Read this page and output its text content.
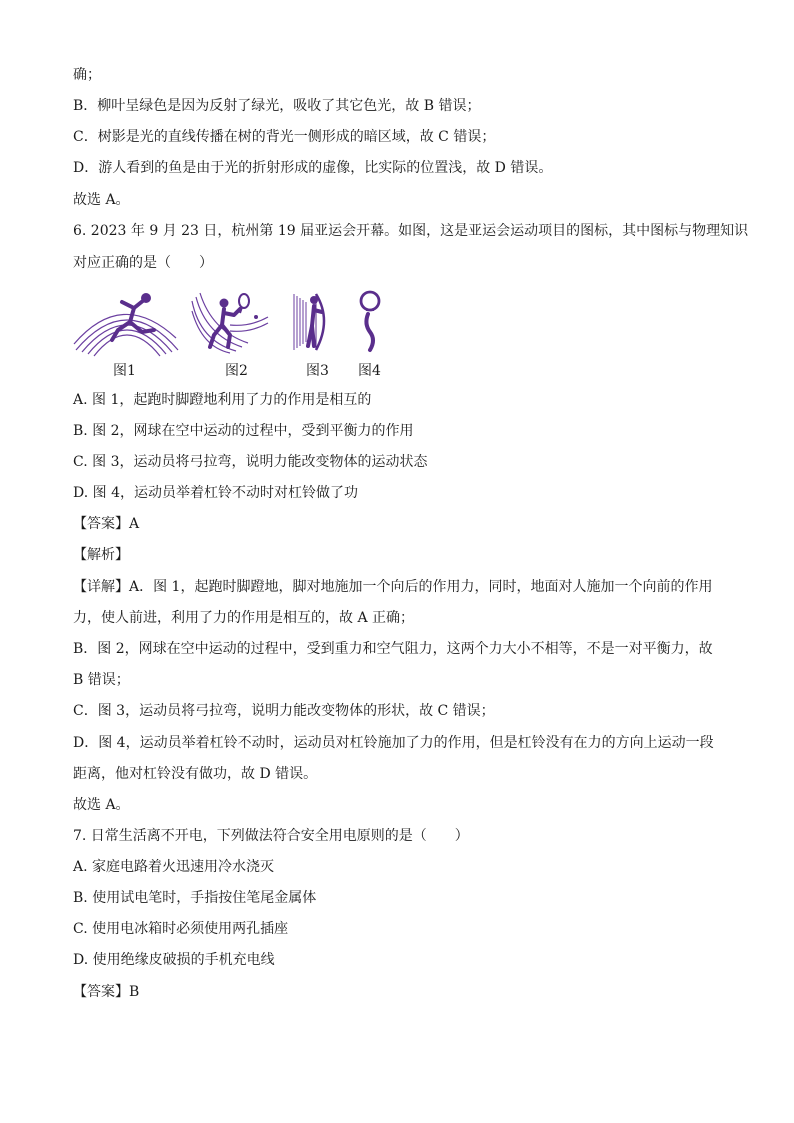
确；
B．柳叶呈绿色是因为反射了绿光，吸收了其它色光，故 B 错误；
C．树影是光的直线传播在树的背光一侧形成的暗区域，故 C 错误；
D．游人看到的鱼是由于光的折射形成的虚像，比实际的位置浅，故 D 错误。
故选 A。
6. 2023 年 9 月 23 日，杭州第 19 届亚运会开幕。如图，这是亚运会运动项目的图标，其中图标与物理知识
对应正确的是（　　）
图1	图2	图3 图4
A. 图 1，起跑时脚蹬地利用了力的作用是相互的
B. 图 2，网球在空中运动的过程中，受到平衡力的作用
C. 图 3，运动员将弓拉弯，说明力能改变物体的运动状态
D. 图 4，运动员举着杠铃不动时对杠铃做了功
【答案】A
【解析】
【详解】A．图 1，起跑时脚蹬地，脚对地施加一个向后的作用力，同时，地面对人施加一个向前的作用
力，使人前进，利用了力的作用是相互的，故 A 正确；
B．图 2，网球在空中运动的过程中，受到重力和空气阻力，这两个力大小不相等，不是一对平衡力，故
B 错误；
C．图 3，运动员将弓拉弯，说明力能改变物体的形状，故 C 错误；
D．图 4，运动员举着杠铃不动时，运动员对杠铃施加了力的作用，但是杠铃没有在力的方向上运动一段
距离，他对杠铃没有做功，故 D 错误。
故选 A。
7. 日常生活离不开电，下列做法符合安全用电原则的是（　　）
A. 家庭电路着火迅速用冷水浇灭
B. 使用试电笔时，手指按住笔尾金属体
C. 使用电冰箱时必须使用两孔插座
D. 使用绝缘皮破损的手机充电线
【答案】B
